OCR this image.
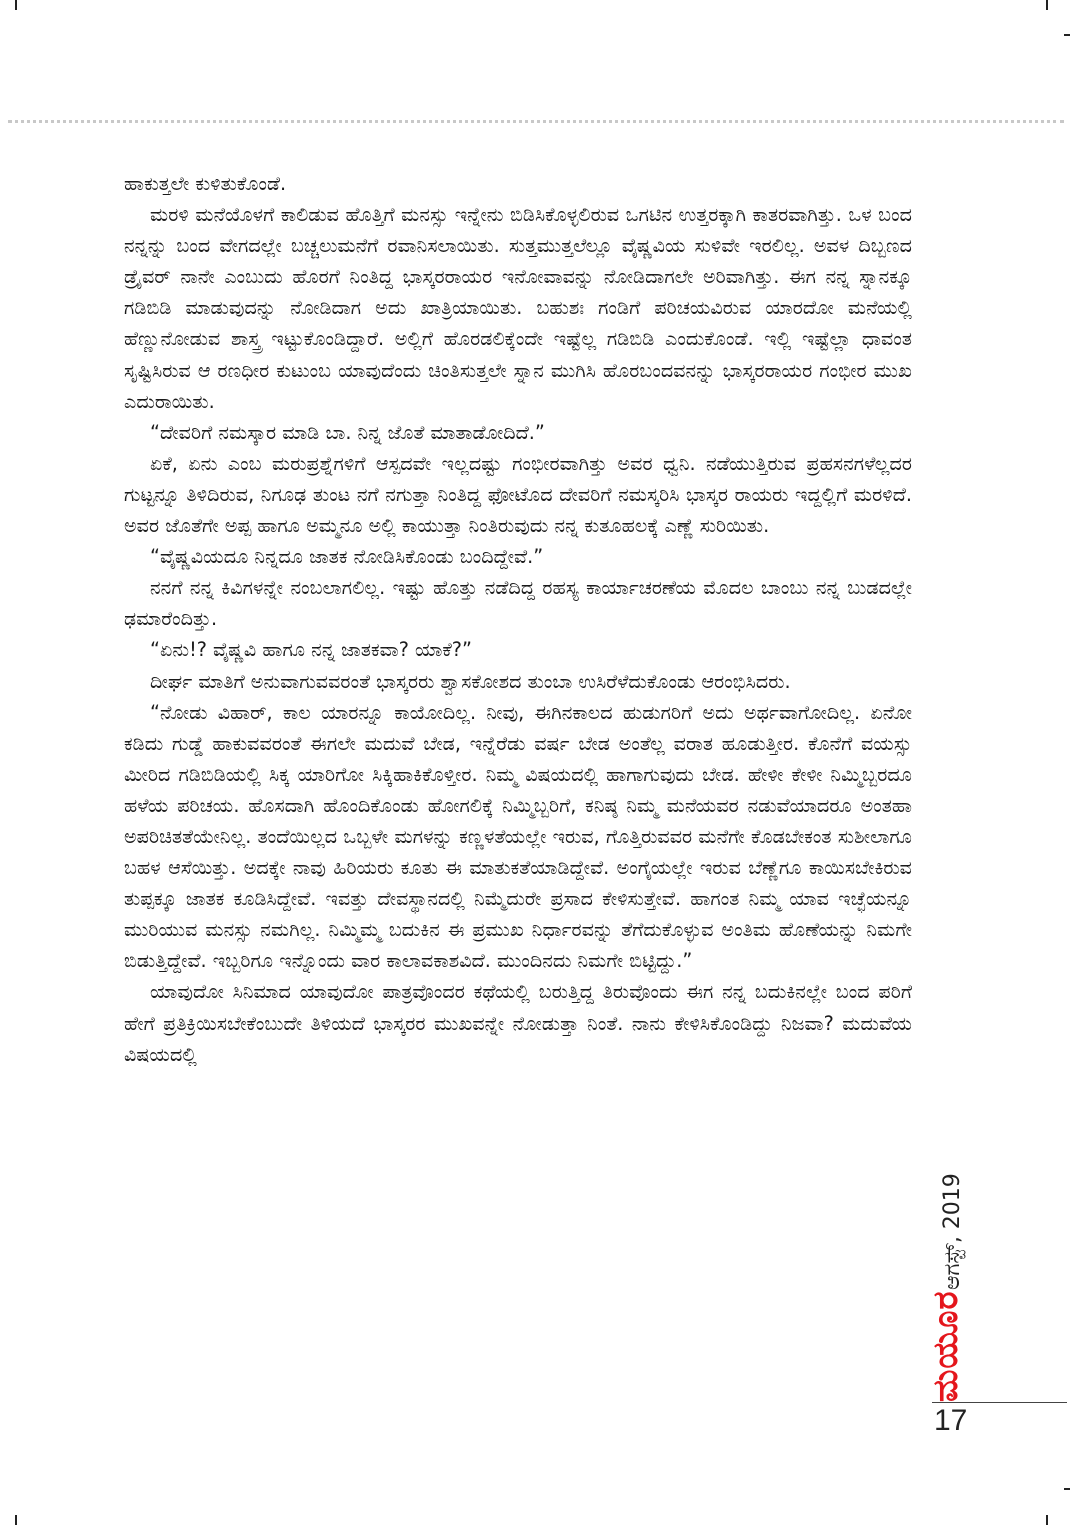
ಹಾಕುತ್ತಲೇ ಕುಳಿತುಕೊಂಡೆ.

ಮರಳಿ ಮನೆಯೊಳಗೆ ಕಾಲಿಡುವ ಹೊತ್ತಿಗೆ ಮನಸ್ಸು ಇನ್ನೇನು ಬಿಡಿಸಿಕೊಳ್ಳಲಿರುವ ಒಗಟಿನ ಉತ್ತರಕ್ಕಾಗಿ ಕಾತರವಾಗಿತ್ತು. ಒಳ ಬಂದ ನನ್ನನ್ನು ಬಂದ ವೇಗದಲ್ಲೇ ಬಚ್ಚಲುಮನೆಗೆ ರವಾನಿಸಲಾಯಿತು. ಸುತ್ತಮುತ್ತಲೆಲ್ಲೂ ವೈಷ್ಣವಿಯ ಸುಳಿವೇ ಇರಲಿಲ್ಲ. ಅವಳ ದಿಬ್ಬಣದ ಡ್ರೈವರ್ ನಾನೇ ಎಂಬುದು ಹೊರಗೆ ನಿಂತಿದ್ದ ಭಾಸ್ಕರರಾಯರ ಇನೋವಾವನ್ನು ನೋಡಿದಾಗಲೇ ಅರಿವಾಗಿತ್ತು. ಈಗ ನನ್ನ ಸ್ನಾನಕ್ಕೂ ಗಡಿಬಿಡಿ ಮಾಡುವುದನ್ನು ನೋಡಿದಾಗ ಅದು ಖಾತ್ರಿಯಾಯಿತು. ಬಹುಶಃ ಗಂಡಿಗೆ ಪರಿಚಯವಿರುವ ಯಾರದೋ ಮನೆಯಲ್ಲಿ ಹೆಣ್ಣುನೋಡುವ ಶಾಸ್ತ್ರ ಇಟ್ಟುಕೊಂಡಿದ್ದಾರೆ. ಅಲ್ಲಿಗೆ ಹೊರಡಲಿಕ್ಕೆಂದೇ ಇಷ್ಟೆಲ್ಲ ಗಡಿಬಿಡಿ ಎಂದುಕೊಂಡೆ. ಇಲ್ಲಿ ಇಷ್ಟೆಲ್ಲಾ ಧಾವಂತ ಸೃಷ್ಟಿಸಿರುವ ಆ ರಣಧೀರ ಕುಟುಂಬ ಯಾವುದೆಂದು ಚಿಂತಿಸುತ್ತಲೇ ಸ್ನಾನ ಮುಗಿಸಿ ಹೊರಬಂದವನನ್ನು ಭಾಸ್ಕರರಾಯರ ಗಂಭೀರ ಮುಖ ಎದುರಾಯಿತು.

“ದೇವರಿಗೆ ನಮಸ್ಕಾರ ಮಾಡಿ ಬಾ. ನಿನ್ನ ಜೊತೆ ಮಾತಾಡೋದಿದೆ.”

ಏಕೆ, ಏನು ಎಂಬ ಮರುಪ್ರಶ್ನೆಗಳಿಗೆ ಆಸ್ಪದವೇ ಇಲ್ಲದಷ್ಟು ಗಂಭೀರವಾಗಿತ್ತು ಅವರ ಧ್ವನಿ. ನಡೆಯುತ್ತಿರುವ ಪ್ರಹಸನಗಳೆಲ್ಲದರ ಗುಟ್ಟನ್ನೂ ತಿಳಿದಿರುವ, ನಿಗೂಢ ತುಂಟ ನಗೆ ನಗುತ್ತಾ ನಿಂತಿದ್ದ ಫೋಟೊದ ದೇವರಿಗೆ ನಮಸ್ಕರಿಸಿ ಭಾಸ್ಕರ ರಾಯರು ಇದ್ದಲ್ಲಿಗೆ ಮರಳಿದೆ. ಅವರ ಜೊತೆಗೇ ಅಪ್ಪ ಹಾಗೂ ಅಮ್ಮನೂ ಅಲ್ಲಿ ಕಾಯುತ್ತಾ ನಿಂತಿರುವುದು ನನ್ನ ಕುತೂಹಲಕ್ಕೆ ಎಣ್ಣೆ ಸುರಿಯಿತು.

“ವೈಷ್ಣವಿಯದೂ ನಿನ್ನದೂ ಜಾತಕ ನೋಡಿಸಿಕೊಂಡು ಬಂದಿದ್ದೇವೆ.”

ನನಗೆ ನನ್ನ ಕಿವಿಗಳನ್ನೇ ನಂಬಲಾಗಲಿಲ್ಲ. ಇಷ್ಟು ಹೊತ್ತು ನಡೆದಿದ್ದ ರಹಸ್ಯ ಕಾರ್ಯಾಚರಣೆಯ ಮೊದಲ ಬಾಂಬು ನನ್ನ ಬುಡದಲ್ಲೇ ಢಮಾರೆಂದಿತ್ತು.

“ಏನು!? ವೈಷ್ಣವಿ ಹಾಗೂ ನನ್ನ ಜಾತಕವಾ? ಯಾಕೆ?”

ದೀರ್ಘ ಮಾತಿಗೆ ಅನುವಾಗುವವರಂತೆ ಭಾಸ್ಕರರು ಶ್ವಾಸಕೋಶದ ತುಂಬಾ ಉಸಿರೆಳೆದುಕೊಂಡು ಆರಂಭಿಸಿದರು.

“ನೋಡು ವಿಹಾರ್, ಕಾಲ ಯಾರನ್ನೂ ಕಾಯೋದಿಲ್ಲ. ನೀವು, ಈಗಿನಕಾಲದ ಹುಡುಗರಿಗೆ ಅದು ಅರ್ಥವಾಗೋದಿಲ್ಲ. ಏನೋ ಕಡಿದು ಗುಡ್ಡೆ ಹಾಕುವವರಂತೆ ಈಗಲೇ ಮದುವೆ ಬೇಡ, ಇನ್ನೆರೆಡು ವರ್ಷ ಬೇಡ ಅಂತೆಲ್ಲ ವರಾತ ಹೂಡುತ್ತೀರ. ಕೊನೆಗೆ ವಯಸ್ಸು ಮೀರಿದ ಗಡಿಬಿಡಿಯಲ್ಲಿ ಸಿಕ್ಕ ಯಾರಿಗೋ ಸಿಕ್ಕಿಹಾಕಿಕೊಳ್ತೀರ. ನಿಮ್ಮ ವಿಷಯದಲ್ಲಿ ಹಾಗಾಗುವುದು ಬೇಡ. ಹೇಳೀ ಕೇಳೀ ನಿಮ್ಮಿಬ್ಬರದೂ ಹಳೆಯ ಪರಿಚಯ. ಹೊಸದಾಗಿ ಹೊಂದಿಕೊಂಡು ಹೋಗಲಿಕ್ಕೆ ನಿಮ್ಮಿಬ್ಬರಿಗೆ, ಕನಿಷ್ಠ ನಿಮ್ಮ ಮನೆಯವರ ನಡುವೆಯಾದರೂ ಅಂತಹಾ ಅಪರಿಚಿತತೆಯೇನಿಲ್ಲ. ತಂದೆಯಿಲ್ಲದ ಒಬ್ಬಳೇ ಮಗಳನ್ನು ಕಣ್ಣಳತೆಯಲ್ಲೇ ಇರುವ, ಗೊತ್ತಿರುವವರ ಮನೆಗೇ ಕೊಡಬೇಕಂತ ಸುಶೀಲಾಗೂ ಬಹಳ ಆಸೆಯಿತ್ತು. ಅದಕ್ಕೇ ನಾವು ಹಿರಿಯರು ಕೂತು ಈ ಮಾತುಕತೆಯಾಡಿದ್ದೇವೆ. ಅಂಗೈಯಲ್ಲೇ ಇರುವ ಬೆಣ್ಣೆಗೂ ಕಾಯಿಸಬೇಕಿರುವ ತುಪ್ಪಕ್ಕೂ ಜಾತಕ ಕೂಡಿಸಿದ್ದೇವೆ. ಇವತ್ತು ದೇವಸ್ಥಾನದಲ್ಲಿ ನಿಮ್ಮೆದುರೇ ಪ್ರಸಾದ ಕೇಳಿಸುತ್ತೇವೆ. ಹಾಗಂತ ನಿಮ್ಮ ಯಾವ ಇಚ್ಛೆಯನ್ನೂ ಮುರಿಯುವ ಮನಸ್ಸು ನಮಗಿಲ್ಲ. ನಿಮ್ಮಿಮ್ಮ ಬದುಕಿನ ಈ ಪ್ರಮುಖ ನಿರ್ಧಾರವನ್ನು ತೆಗೆದುಕೊಳ್ಳುವ ಅಂತಿಮ ಹೊಣೆಯನ್ನು ನಿಮಗೇ ಬಿಡುತ್ತಿದ್ದೇವೆ. ಇಬ್ಬರಿಗೂ ಇನ್ನೊಂದು ವಾರ ಕಾಲಾವಕಾಶವಿದೆ. ಮುಂದಿನದು ನಿಮಗೇ ಬಿಟ್ಟಿದ್ದು.”

ಯಾವುದೋ ಸಿನಿಮಾದ ಯಾವುದೋ ಪಾತ್ರವೊಂದರ ಕಥೆಯಲ್ಲಿ ಬರುತ್ತಿದ್ದ ತಿರುವೊಂದು ಈಗ ನನ್ನ ಬದುಕಿನಲ್ಲೇ ಬಂದ ಪರಿಗೆ ಹೇಗೆ ಪ್ರತಿಕ್ರಿಯಿಸಬೇಕೆಂಬುದೇ ತಿಳಿಯದೆ ಭಾಸ್ಕರರ ಮುಖವನ್ನೇ ನೋಡುತ್ತಾ ನಿಂತೆ. ನಾನು ಕೇಳಿಸಿಕೊಂಡಿದ್ದು ನಿಜವಾ? ಮದುವೆಯ ವಿಷಯದಲ್ಲಿ

ಆಗಸ್ಟ್, 2019
ಮಯೂರ
17
